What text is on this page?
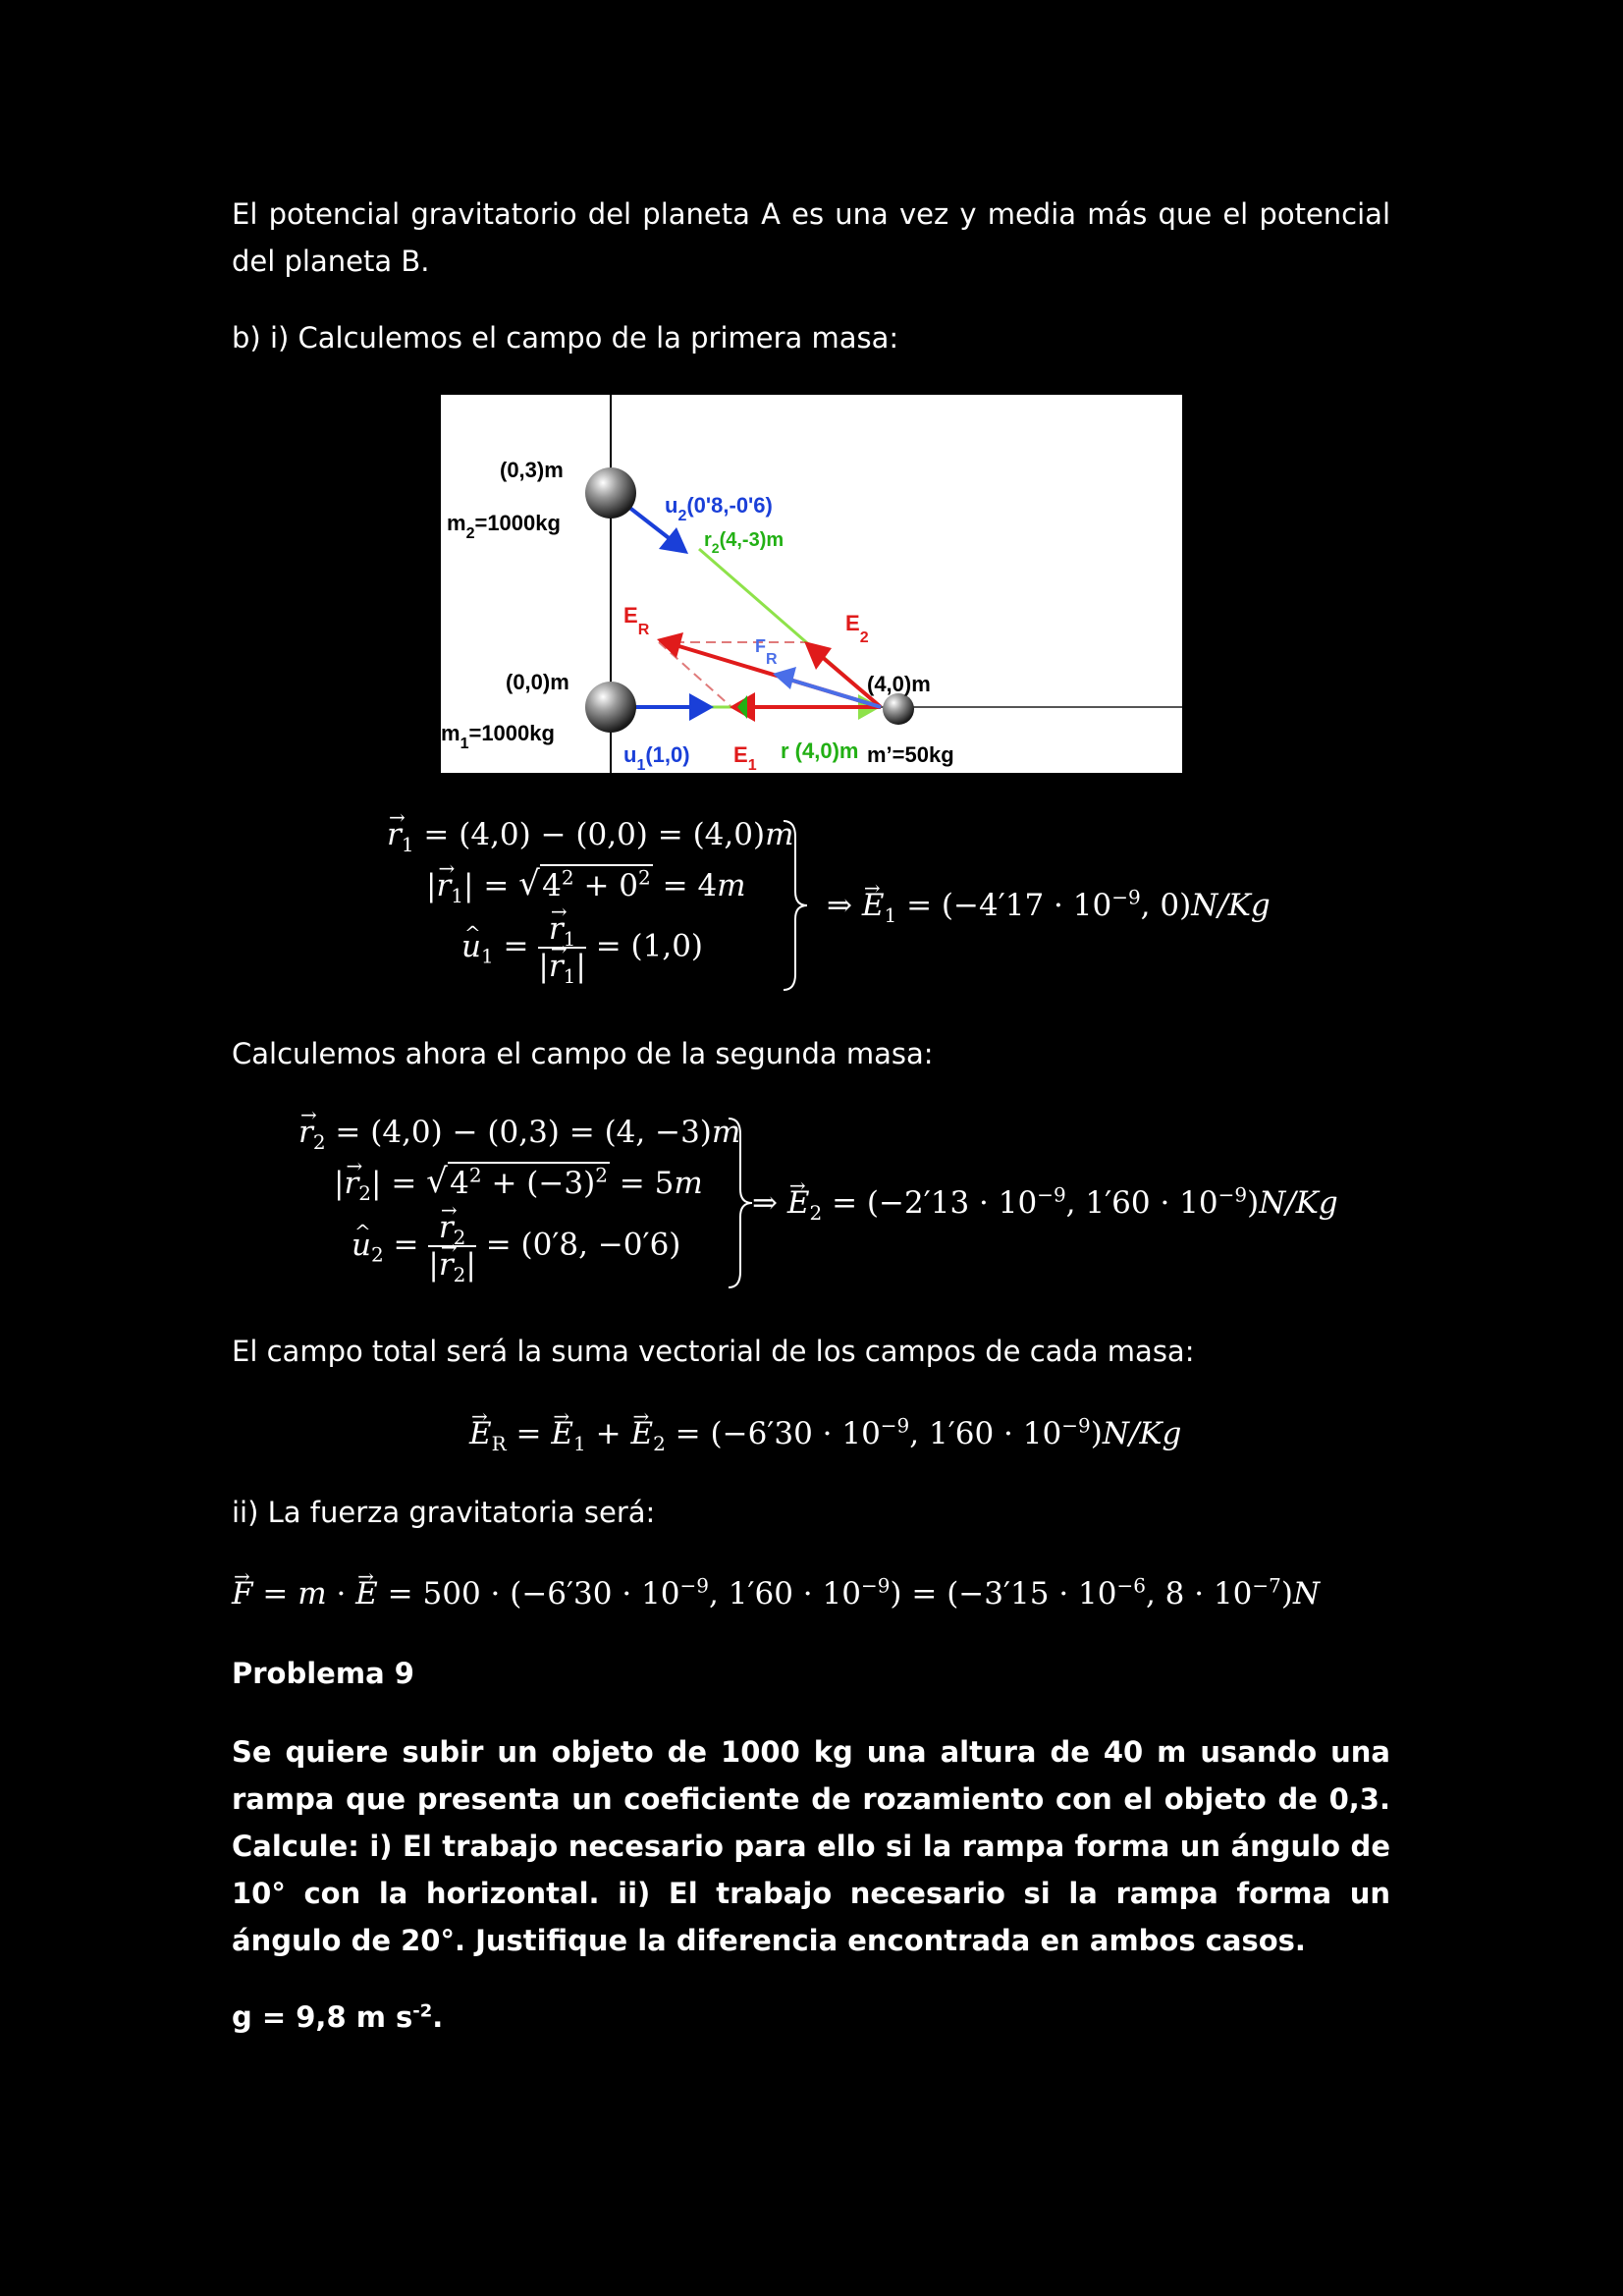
El potencial gravitatorio del planeta A es una vez y media más que el potencial del planeta B.
b) i) Calculemos el campo de la primera masa:
(0,3)m
$m_2=1000kg$
$u_2(0'8,-0'6)$
$r_2(4,-3)m$
$E_R$
FR
$E_2$
(0,0)m
$m_1=1000kg$
(4,0)m
m’=50kg
$u_1(1,0)$ $E_1$
r (4,0)m
→ $r_1 = (4,0) - (0,0) = (4,0)m$
|→ $r_1|$ = √ $4^2 + 0^2 = 4m$
^ $u_1$ = → $\frac{r_1}{|\to r_1|} = (1,0)$
⇒ → $E_1 = (-4'17 \cdot 10^{-9}$, 0)N/Kg
Calculemos ahora el campo de la segunda masa:
→ $r_2 = (4,0) - (0,3) = (4$, −3)m
|→ $r_2|$ = √ $4^2 + (-3)^2 = 5m$
^ $u_2$ = → $\frac{r_2}{|\to r_2|} = (0'8$, −0′6)
⇒ → $E_2 = (-2'13 \cdot 10^{-9}$, $1'60 \cdot 10^{-9})N/Kg$
El campo total será la suma vectorial de los campos de cada masa:
→ $E_R$ = → $E_1$ + → $E_2 = (-6'30 \cdot 10^{-9}$, $1'60 \cdot 10^{-9})N/Kg$
ii) La fuerza gravitatoria será:
→ F = m · → $E = 500 \cdot (-6'30 \cdot 10^{-9}$, $1'60 \cdot 10^{-9}) = (-3'15 \cdot 10^{-6}$, $8 \cdot 10^{-7})N$
Problema 9
Se quiere subir un objeto de 1000 kg una altura de 40 m usando una rampa que presenta un coeficiente de rozamiento con el objeto de 0,3. Calcule: i) El trabajo necesario para ello si la rampa forma un ángulo de 10° con la horizontal. ii) El trabajo necesario si la rampa forma un ángulo de 20°. Justifique la diferencia encontrada en ambos casos.
g = 9,8 m $s^{-2}$.
